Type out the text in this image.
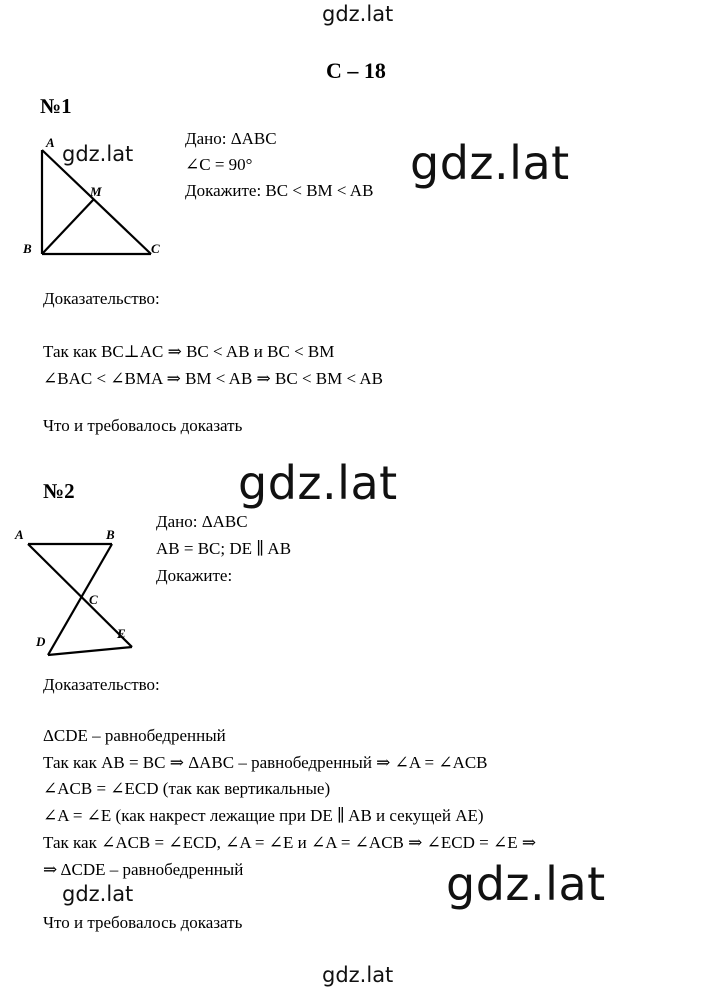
gdz.lat
С – 18
№1
A
M
B	C
gdz.lat
Дано: ΔABC
∠C = 90°
Докажите: BC < BM < AB
gdz.lat
Доказательство:
Так как BC⊥AC ⇒ BC < AB и BC < BM
∠BAC < ∠BMA ⇒ BM < AB ⇒ BC < BM < AB
Что и требовалось доказать
gdz.lat
№2
A	B
C
D
E
Дано: ΔABC
AB = BC; DE ∥ AB
Докажите:
Доказательство:
ΔCDE – равнобедренный
Так как AB = BC ⇒ ΔABC – равнобедренный ⇒ ∠A = ∠ACB
∠ACB = ∠ECD (так как вертикальные)
∠A = ∠E (как накрест лежащие при DE ∥ AB и секущей AE)
Так как ∠ACB = ∠ECD, ∠A = ∠E и ∠A = ∠ACB ⇒ ∠ECD = ∠E ⇒
⇒ ΔCDE – равнобедренный
gdz.lat	gdz.lat
Что и требовалось доказать
gdz.lat
